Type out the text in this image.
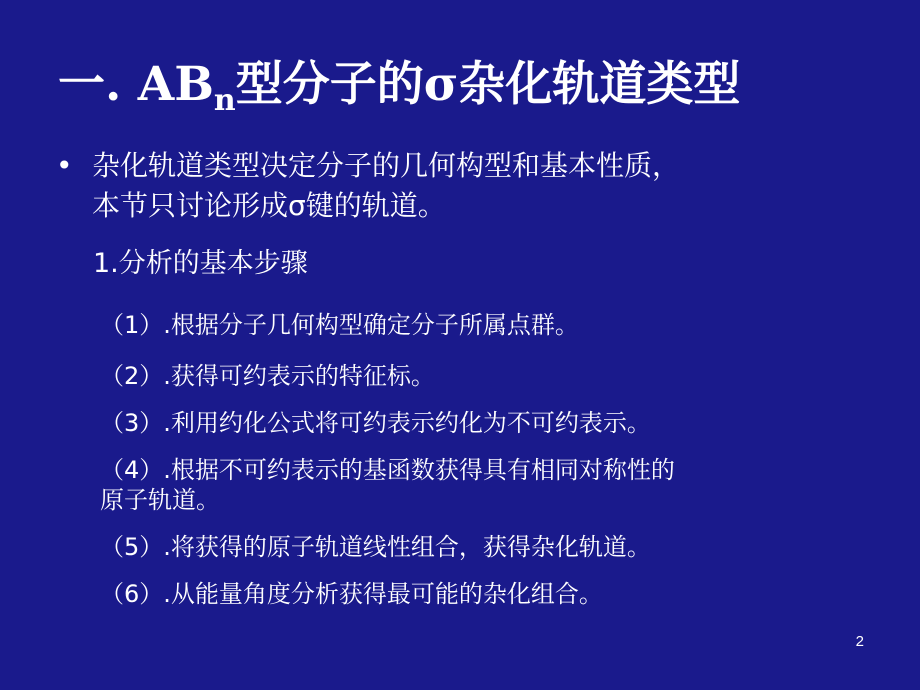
一. $AB_n$型分子的σ杂化轨道类型
• 杂化轨道类型决定分子的几何构型和基本性质，
本节只讨论形成σ键的轨道。
1.分析的基本步骤
（1）.根据分子几何构型确定分子所属点群。
（2）.获得可约表示的特征标。
（3）.利用约化公式将可约表示约化为不可约表示。
（4）.根据不可约表示的基函数获得具有相同对称性的
原子轨道。
（5）.将获得的原子轨道线性组合，获得杂化轨道。
（6）.从能量角度分析获得最可能的杂化组合。
2
